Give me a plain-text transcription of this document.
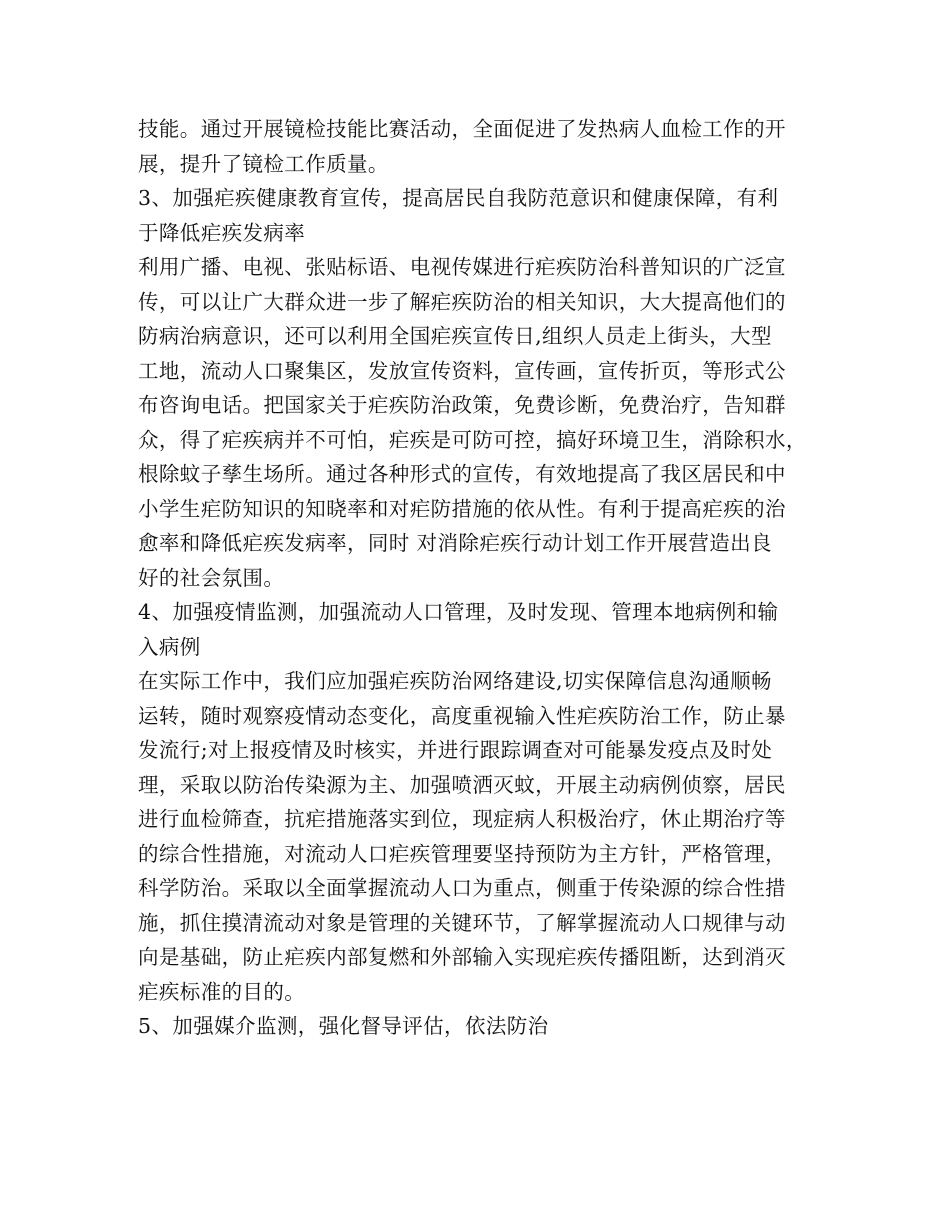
技能。通过开展镜检技能比赛活动，全面促进了发热病人血检工作的开
展，提升了镜检工作质量。
3、加强疟疾健康教育宣传，提高居民自我防范意识和健康保障，有利
于降低疟疾发病率
利用广播、电视、张贴标语、电视传媒进行疟疾防治科普知识的广泛宣
传，可以让广大群众进一步了解疟疾防治的相关知识，大大提高他们的
防病治病意识，还可以利用全国疟疾宣传日,组织人员走上街头，大型
工地，流动人口聚集区，发放宣传资料，宣传画，宣传折页，等形式公
布咨询电话。把国家关于疟疾防治政策，免费诊断，免费治疗，告知群
众，得了疟疾病并不可怕，疟疾是可防可控，搞好环境卫生，消除积水，
根除蚊子孳生场所。通过各种形式的宣传，有效地提高了我区居民和中
小学生疟防知识的知晓率和对疟防措施的依从性。有利于提高疟疾的治
愈率和降低疟疾发病率，同时 对消除疟疾行动计划工作开展营造出良
好的社会氛围。
4、加强疫情监测，加强流动人口管理，及时发现、管理本地病例和输
入病例
在实际工作中，我们应加强疟疾防治网络建设,切实保障信息沟通顺畅
运转，随时观察疫情动态变化，高度重视输入性疟疾防治工作，防止暴
发流行;对上报疫情及时核实，并进行跟踪调查对可能暴发疫点及时处
理，采取以防治传染源为主、加强喷洒灭蚊，开展主动病例侦察，居民
进行血检筛查，抗疟措施落实到位，现症病人积极治疗，休止期治疗等
的综合性措施，对流动人口疟疾管理要坚持预防为主方针，严格管理，
科学防治。采取以全面掌握流动人口为重点，侧重于传染源的综合性措
施，抓住摸清流动对象是管理的关键环节，了解掌握流动人口规律与动
向是基础，防止疟疾内部复燃和外部输入实现疟疾传播阻断，达到消灭
疟疾标准的目的。
5、加强媒介监测，强化督导评估，依法防治
